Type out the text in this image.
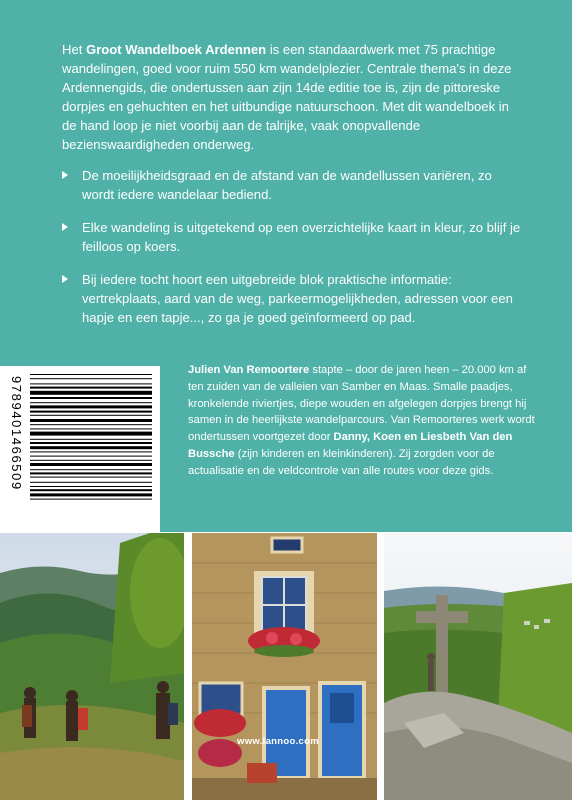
Het Groot Wandelboek Ardennen is een standaardwerk met 75 prachtige wandelingen, goed voor ruim 550 km wandelplezier. Centrale thema's in deze Ardennengids, die ondertussen aan zijn 14de editie toe is, zijn de pittoreske dorpjes en gehuchten en het uitbundige natuurschoon. Met dit wandelboek in de hand loop je niet voorbij aan de talrijke, vaak onopvallende bezienswaardigheden onderweg.

De moeilijkheidsgraad en de afstand van de wandellussen variëren, zo wordt iedere wandelaar bediend.
Elke wandeling is uitgetekend op een overzichtelijke kaart in kleur, zo blijf je feilloos op koers.
Bij iedere tocht hoort een uitgebreide blok praktische informatie: vertrekplaats, aard van de weg, parkeermogelijkheden, adressen voor een hapje en een tapje..., zo ga je goed geïnformeerd op pad.
9789401466509
Julien Van Remoortere stapte – door de jaren heen – 20.000 km af ten zuiden van de valleien van Samber en Maas. Smalle paadjes, kronkelende riviertjes, diepe wouden en afgelegen dorpjes brengt hij samen in de heerlijkste wandelparcours. Van Remoorteres werk wordt ondertussen voortgezet door Danny, Koen en Liesbeth Van den Bussche (zijn kinderen en kleinkinderen). Zij zorgden voor de actualisatie en de veldcontrole van alle routes voor deze gids.
www.lannoo.com
